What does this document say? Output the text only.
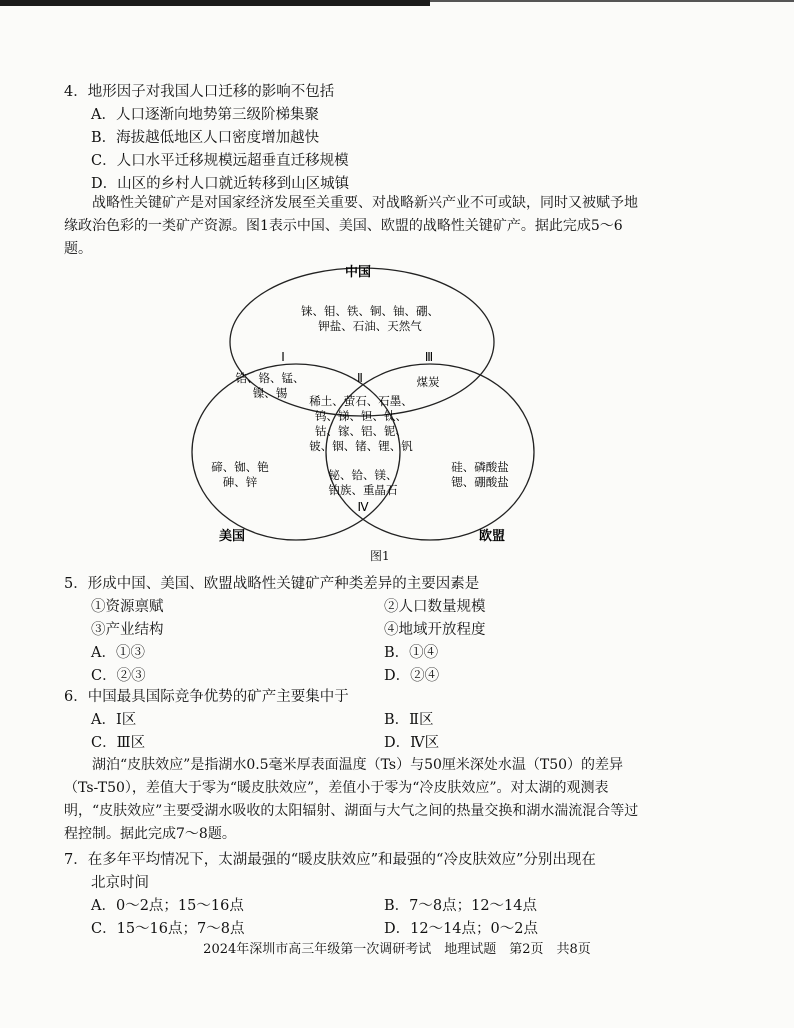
4．地形因子对我国人口迁移的影响不包括
A．人口逐渐向地势第三级阶梯集聚
B．海拔越低地区人口密度增加越快
C．人口水平迁移规模远超垂直迁移规模
D．山区的乡村人口就近转移到山区城镇
战略性关键矿产是对国家经济发展至关重要、对战略新兴产业不可或缺，同时又被赋予地缘政治色彩的一类矿产资源。图1表示中国、美国、欧盟的战略性关键矿产。据此完成5～6题。
中国
美国	欧盟
铼、钼、铁、铜、铀、硼、
钾盐、石油、天然气
Ⅰ
锆、铬、锰、
镍、锡
Ⅲ
煤炭
Ⅱ
稀土、萤石、石墨、
钨、锑、钽、钛、
钴、镓、铝、铌、
铍、铟、锗、锂、钒
碲、铷、铯
砷、锌	铋、铪、镁、
铂族、重晶石
Ⅳ
硅、磷酸盐
锶、硼酸盐
图1
5．形成中国、美国、欧盟战略性关键矿产种类差异的主要因素是
①资源禀赋	②人口数量规模
③产业结构	④地域开放程度
A．①③	B．①④
C．②③	D．②④
6．中国最具国际竞争优势的矿产主要集中于
A．Ⅰ区	B．Ⅱ区
C．Ⅲ区	D．Ⅳ区
湖泊“皮肤效应”是指湖水0.5毫米厚表面温度（Ts）与50厘米深处水温（T50）的差异（Ts-T50），差值大于零为“暖皮肤效应”，差值小于零为“冷皮肤效应”。对太湖的观测表明，“皮肤效应”主要受湖水吸收的太阳辐射、湖面与大气之间的热量交换和湖水湍流混合等过程控制。据此完成7～8题。
7．在多年平均情况下，太湖最强的“暖皮肤效应”和最强的“冷皮肤效应”分别出现在
北京时间
A．0～2点；15～16点	B．7～8点；12～14点
C．15～16点；7～8点	D．12～14点；0～2点
2024年深圳市高三年级第一次调研考试　地理试题　第2页　共8页
